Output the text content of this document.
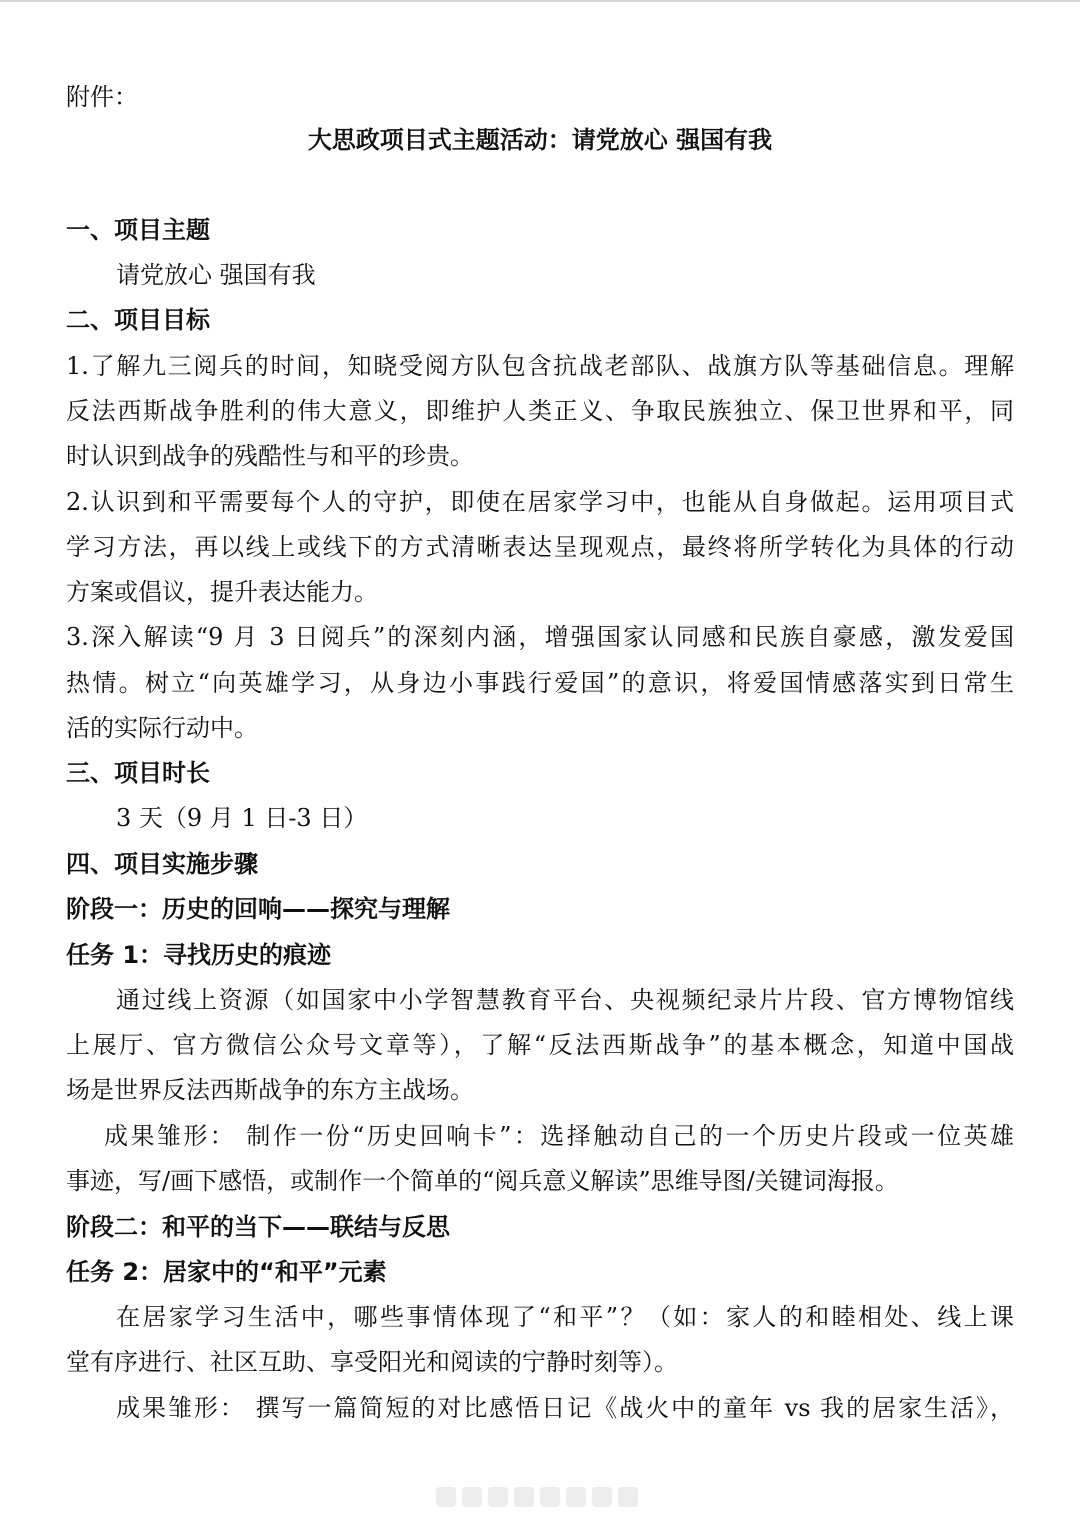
附件：
大思政项目式主题活动：请党放心 强国有我
一、项目主题
请党放心 强国有我
二、项目目标
1.了解九三阅兵的时间，知晓受阅方队包含抗战老部队、战旗方队等基础信息。理解
反法西斯战争胜利的伟大意义，即维护人类正义、争取民族独立、保卫世界和平，同
时认识到战争的残酷性与和平的珍贵。
2.认识到和平需要每个人的守护，即使在居家学习中，也能从自身做起。运用项目式
学习方法，再以线上或线下的方式清晰表达呈现观点，最终将所学转化为具体的行动
方案或倡议，提升表达能力。
3.深入解读“9 月 3 日阅兵”的深刻内涵，增强国家认同感和民族自豪感，激发爱国
热情。树立“向英雄学习，从身边小事践行爱国”的意识，将爱国情感落实到日常生
活的实际行动中。
三、项目时长
3 天（9 月 1 日-3 日）
四、项目实施步骤
阶段一：历史的回响——探究与理解
任务 1：寻找历史的痕迹
通过线上资源（如国家中小学智慧教育平台、央视频纪录片片段、官方博物馆线
上展厅、官方微信公众号文章等），了解“反法西斯战争”的基本概念，知道中国战
场是世界反法西斯战争的东方主战场。
成果雏形： 制作一份“历史回响卡”：选择触动自己的一个历史片段或一位英雄
事迹，写/画下感悟，或制作一个简单的“阅兵意义解读”思维导图/关键词海报。
阶段二：和平的当下——联结与反思
任务 2：居家中的“和平”元素
在居家学习生活中，哪些事情体现了“和平”？（如：家人的和睦相处、线上课
堂有序进行、社区互助、享受阳光和阅读的宁静时刻等）。
成果雏形： 撰写一篇简短的对比感悟日记《战火中的童年 vs 我的居家生活》，
